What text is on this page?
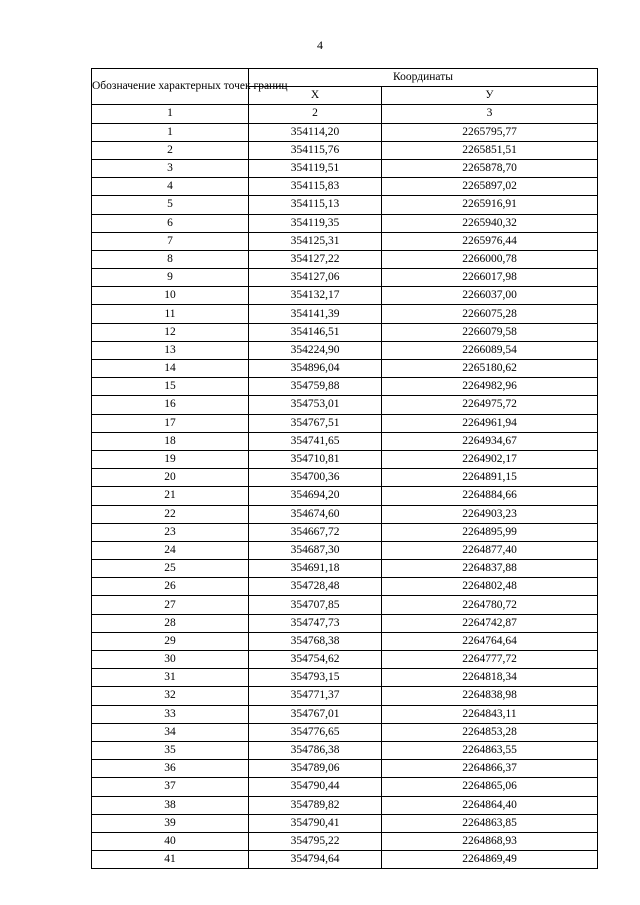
4
Обозначение характерных точек границ	Координаты	
	Х	У
1	2	3
1	354114,20	2265795,77
2	354115,76	2265851,51
3	354119,51	2265878,70
4	354115,83	2265897,02
5	354115,13	2265916,91
6	354119,35	2265940,32
7	354125,31	2265976,44
8	354127,22	2266000,78
9	354127,06	2266017,98
10	354132,17	2266037,00
11	354141,39	2266075,28
12	354146,51	2266079,58
13	354224,90	2266089,54
14	354896,04	2265180,62
15	354759,88	2264982,96
16	354753,01	2264975,72
17	354767,51	2264961,94
18	354741,65	2264934,67
19	354710,81	2264902,17
20	354700,36	2264891,15
21	354694,20	2264884,66
22	354674,60	2264903,23
23	354667,72	2264895,99
24	354687,30	2264877,40
25	354691,18	2264837,88
26	354728,48	2264802,48
27	354707,85	2264780,72
28	354747,73	2264742,87
29	354768,38	2264764,64
30	354754,62	2264777,72
31	354793,15	2264818,34
32	354771,37	2264838,98
33	354767,01	2264843,11
34	354776,65	2264853,28
35	354786,38	2264863,55
36	354789,06	2264866,37
37	354790,44	2264865,06
38	354789,82	2264864,40
39	354790,41	2264863,85
40	354795,22	2264868,93
41	354794,64	2264869,49
